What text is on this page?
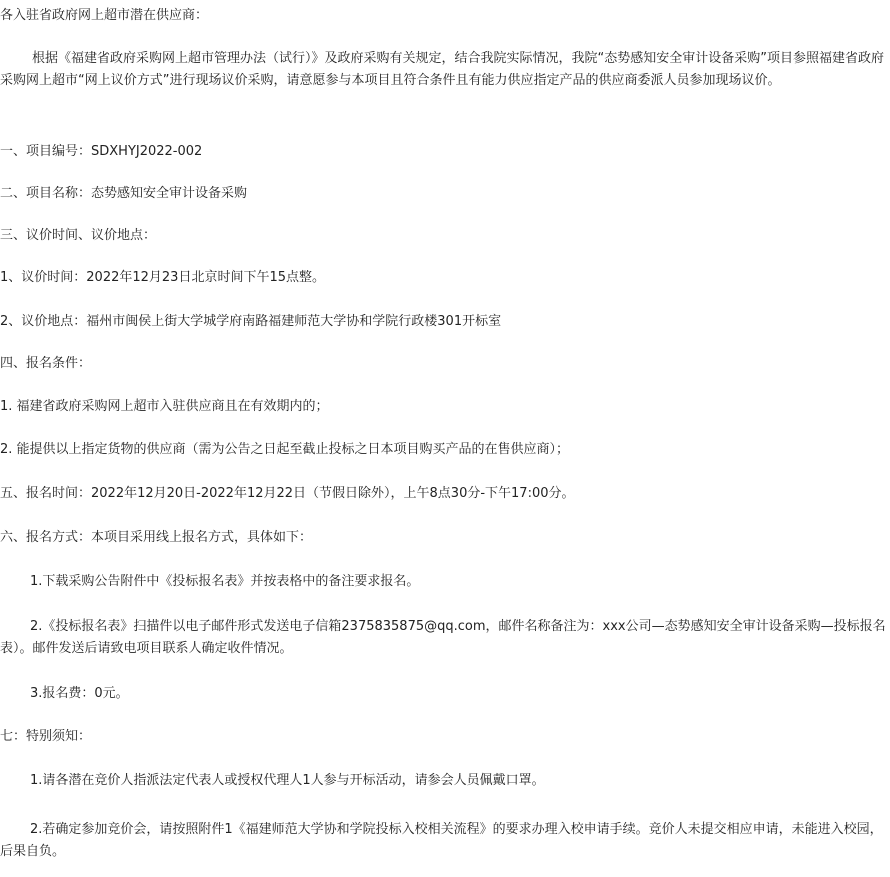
各入驻省政府网上超市潜在供应商：
根据《福建省政府采购网上超市管理办法（试行）》及政府采购有关规定，结合我院实际情况，我院“态势感知安全审计设备采购”项目参照福建省政府采购网上超市“网上议价方式”进行现场议价采购，请意愿参与本项目且符合条件且有能力供应指定产品的供应商委派人员参加现场议价。
一、项目编号：SDXHYJ2022-002
二、项目名称：态势感知安全审计设备采购
三、议价时间、议价地点：
1、议价时间：2022年12月23日北京时间下午15点整。
2、议价地点：福州市闽侯上街大学城学府南路福建师范大学协和学院行政楼301开标室
四、报名条件：
1. 福建省政府采购网上超市入驻供应商且在有效期内的；
2. 能提供以上指定货物的供应商（需为公告之日起至截止投标之日本项目购买产品的在售供应商）；
五、报名时间：2022年12月20日-2022年12月22日（节假日除外），上午8点30分-下午17:00分。
六、报名方式：本项目采用线上报名方式，具体如下：
1.下载采购公告附件中《投标报名表》并按表格中的备注要求报名。
2.《投标报名表》扫描件以电子邮件形式发送电子信箱2375835875@qq.com，邮件名称备注为：xxx公司—态势感知安全审计设备采购—投标报名表）。邮件发送后请致电项目联系人确定收件情况。
3.报名费：0元。
七：特别须知：
1.请各潜在竞价人指派法定代表人或授权代理人1人参与开标活动，请参会人员佩戴口罩。
2.若确定参加竞价会，请按照附件1《福建师范大学协和学院投标入校相关流程》的要求办理入校申请手续。竞价人未提交相应申请，未能进入校园，后果自负。
